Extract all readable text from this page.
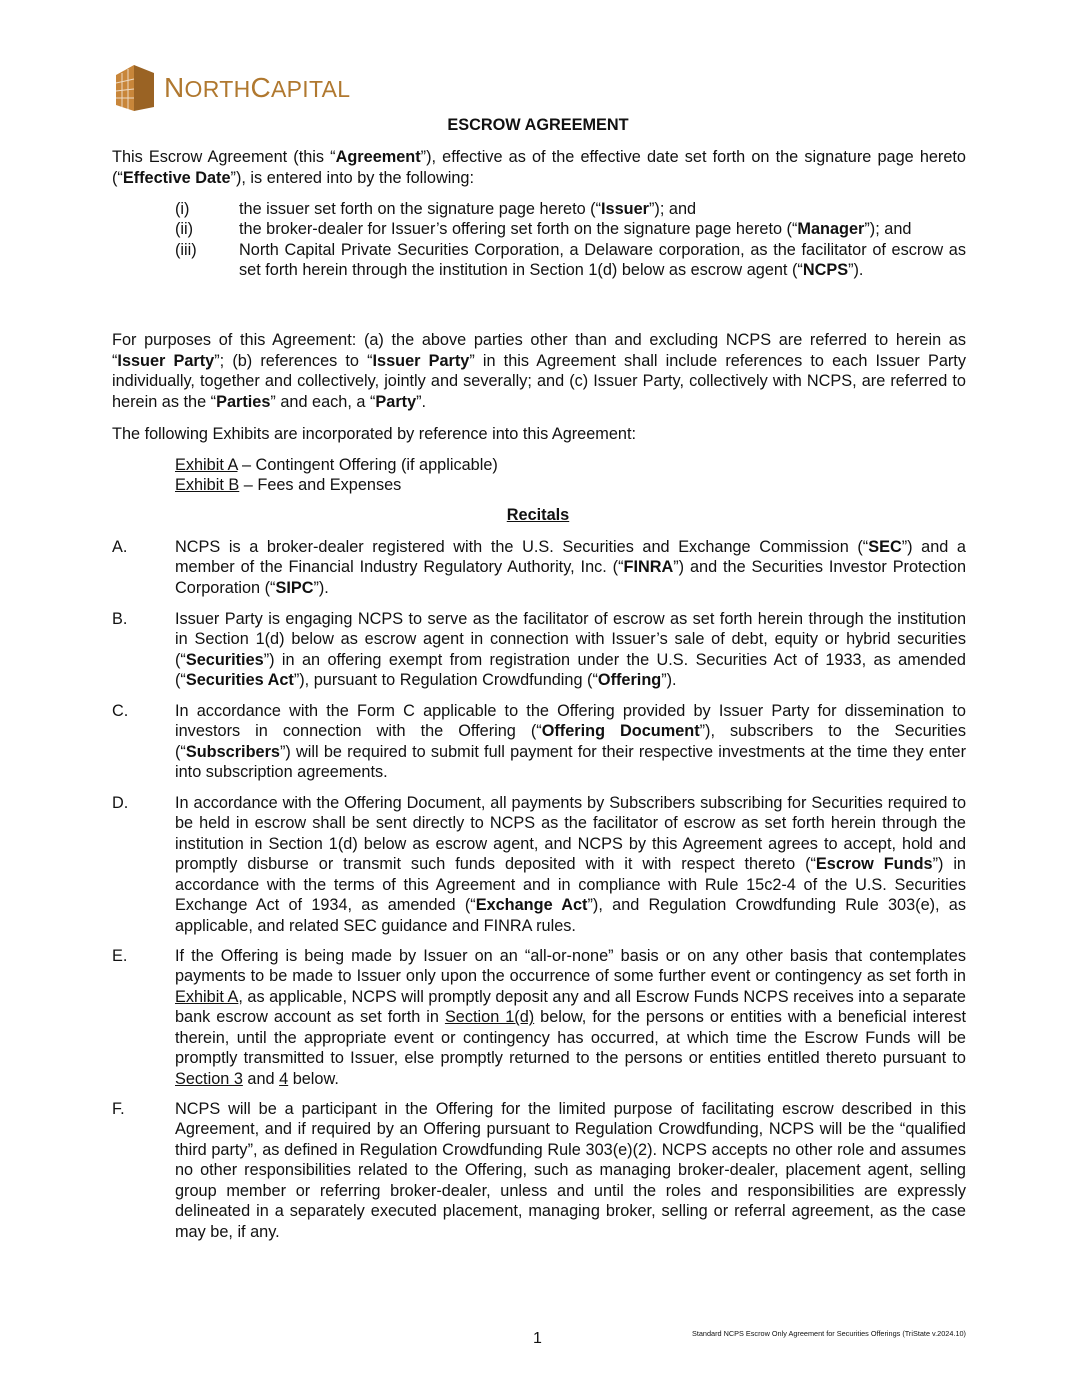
NORTHCAPITAL
ESCROW AGREEMENT

This Escrow Agreement (this “Agreement”), effective as of the effective date set forth on the signature page hereto (“Effective Date”), is entered into by the following:

(i)	the issuer set forth on the signature page hereto (“Issuer”); and
(ii)	the broker-dealer for Issuer’s offering set forth on the signature page hereto (“Manager”); and
(iii)	North Capital Private Securities Corporation, a Delaware corporation, as the facilitator of escrow as set forth herein through the institution in Section 1(d) below as escrow agent (“NCPS”).

For purposes of this Agreement: (a) the above parties other than and excluding NCPS are referred to herein as “Issuer Party”; (b) references to “Issuer Party” in this Agreement shall include references to each Issuer Party individually, together and collectively, jointly and severally; and (c) Issuer Party, collectively with NCPS, are referred to herein as the “Parties” and each, a “Party”.

The following Exhibits are incorporated by reference into this Agreement:

Exhibit A – Contingent Offering (if applicable)
Exhibit B – Fees and Expenses
Recitals
A.	NCPS is a broker-dealer registered with the U.S. Securities and Exchange Commission (“SEC”) and a member of the Financial Industry Regulatory Authority, Inc. (“FINRA”) and the Securities Investor Protection Corporation (“SIPC”).
B.	Issuer Party is engaging NCPS to serve as the facilitator of escrow as set forth herein through the institution in Section 1(d) below as escrow agent in connection with Issuer’s sale of debt, equity or hybrid securities (“Securities”) in an offering exempt from registration under the U.S. Securities Act of 1933, as amended (“Securities Act”), pursuant to Regulation Crowdfunding (“Offering”).
C.	In accordance with the Form C applicable to the Offering provided by Issuer Party for dissemination to investors in connection with the Offering (“Offering Document”), subscribers to the Securities (“Subscribers”) will be required to submit full payment for their respective investments at the time they enter into subscription agreements.
D.	In accordance with the Offering Document, all payments by Subscribers subscribing for Securities required to be held in escrow shall be sent directly to NCPS as the facilitator of escrow as set forth herein through the institution in Section 1(d) below as escrow agent, and NCPS by this Agreement agrees to accept, hold and promptly disburse or transmit such funds deposited with it with respect thereto (“Escrow Funds”) in accordance with the terms of this Agreement and in compliance with Rule 15c2-4 of the U.S. Securities Exchange Act of 1934, as amended (“Exchange Act”), and Regulation Crowdfunding Rule 303(e), as applicable, and related SEC guidance and FINRA rules.
E.	If the Offering is being made by Issuer on an “all-or-none” basis or on any other basis that contemplates payments to be made to Issuer only upon the occurrence of some further event or contingency as set forth in Exhibit A, as applicable, NCPS will promptly deposit any and all Escrow Funds NCPS receives into a separate bank escrow account as set forth in Section 1(d) below, for the persons or entities with a beneficial interest therein, until the appropriate event or contingency has occurred, at which time the Escrow Funds will be promptly transmitted to Issuer, else promptly returned to the persons or entities entitled thereto pursuant to Section 3 and 4 below.
F.	NCPS will be a participant in the Offering for the limited purpose of facilitating escrow described in this Agreement, and if required by an Offering pursuant to Regulation Crowdfunding, NCPS will be the “qualified third party”, as defined in Regulation Crowdfunding Rule 303(e)(2). NCPS accepts no other role and assumes no other responsibilities related to the Offering, such as managing broker-dealer, placement agent, selling group member or referring broker-dealer, unless and until the roles and responsibilities are expressly delineated in a separately executed placement, managing broker, selling or referral agreement, as the case may be, if any.
1	Standard NCPS Escrow Only Agreement for Securities Offerings (TriState v.2024.10)
